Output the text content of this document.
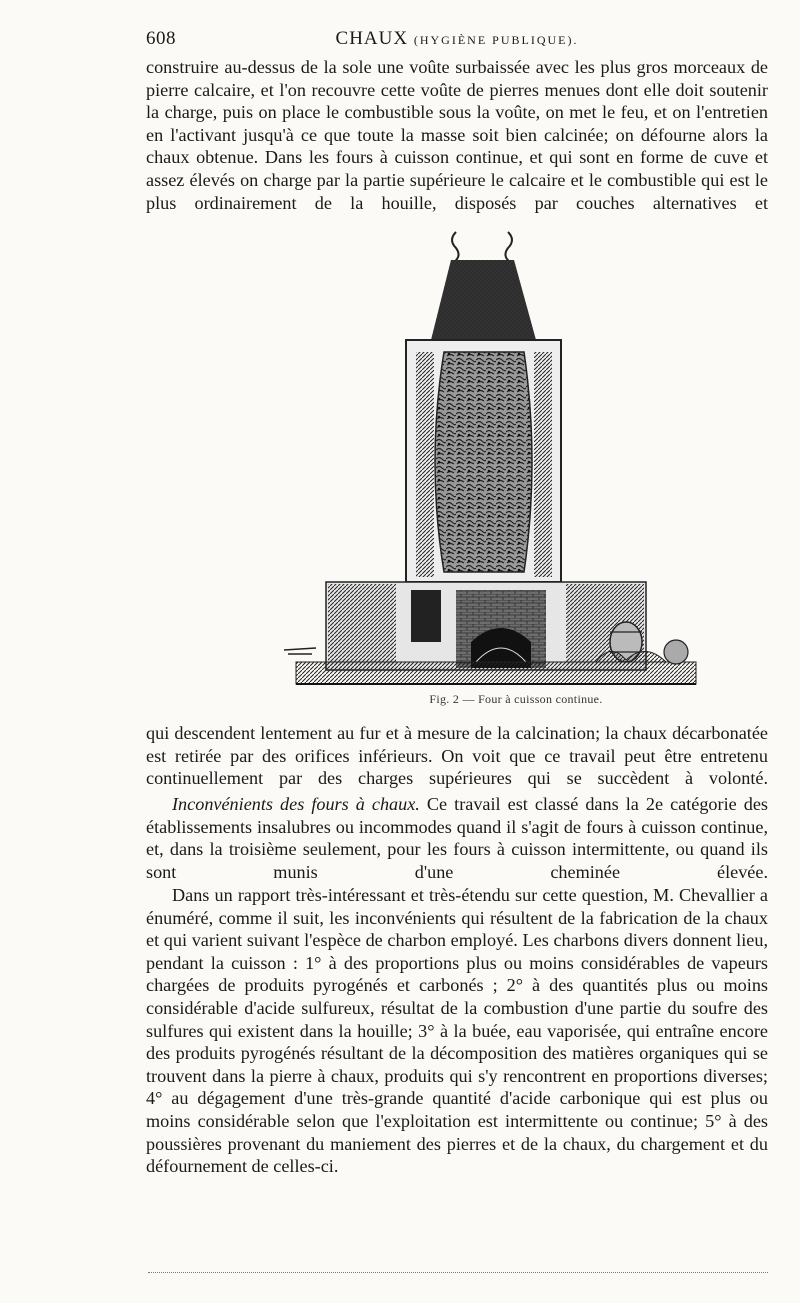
608	CHAUX (HYGIÈNE PUBLIQUE).

construire au-dessus de la sole une voûte surbaissée avec les plus gros morceaux de pierre calcaire, et l'on recouvre cette voûte de pierres menues dont elle doit soutenir la charge, puis on place le combustible sous la voûte, on met le feu, et on l'entretien en l'activant jusqu'à ce que toute la masse soit bien calcinée; on défourne alors la chaux obtenue. Dans les fours à cuisson continue, et qui sont en forme de cuve et assez élevés on charge par la partie supérieure le calcaire et le combustible qui est le plus ordinairement de la houille, disposés par couches alternatives et

Fig. 2 — Four à cuisson continue.

qui descendent lentement au fur et à mesure de la calcination; la chaux décarbonatée est retirée par des orifices inférieurs. On voit que ce travail peut être entretenu continuellement par des charges supérieures qui se succèdent à volonté.

Inconvénients des fours à chaux. Ce travail est classé dans la 2e catégorie des établissements insalubres ou incommodes quand il s'agit de fours à cuisson continue, et, dans la troisième seulement, pour les fours à cuisson intermittente, ou quand ils sont munis d'une cheminée élevée.

Dans un rapport très-intéressant et très-étendu sur cette question, M. Chevallier a énuméré, comme il suit, les inconvénients qui résultent de la fabrication de la chaux et qui varient suivant l'espèce de charbon employé. Les charbons divers donnent lieu, pendant la cuisson : 1° à des proportions plus ou moins considérables de vapeurs chargées de produits pyrogénés et carbonés ; 2° à des quantités plus ou moins considérable d'acide sulfureux, résultat de la combustion d'une partie du soufre des sulfures qui existent dans la houille; 3° à la buée, eau vaporisée, qui entraîne encore des produits pyrogénés résultant de la décomposition des matières organiques qui se trouvent dans la pierre à chaux, produits qui s'y rencontrent en proportions diverses; 4° au dégagement d'une très-grande quantité d'acide carbonique qui est plus ou moins considérable selon que l'exploitation est intermittente ou continue; 5° à des poussières provenant du maniement des pierres et de la chaux, du chargement et du défournement de celles-ci.
